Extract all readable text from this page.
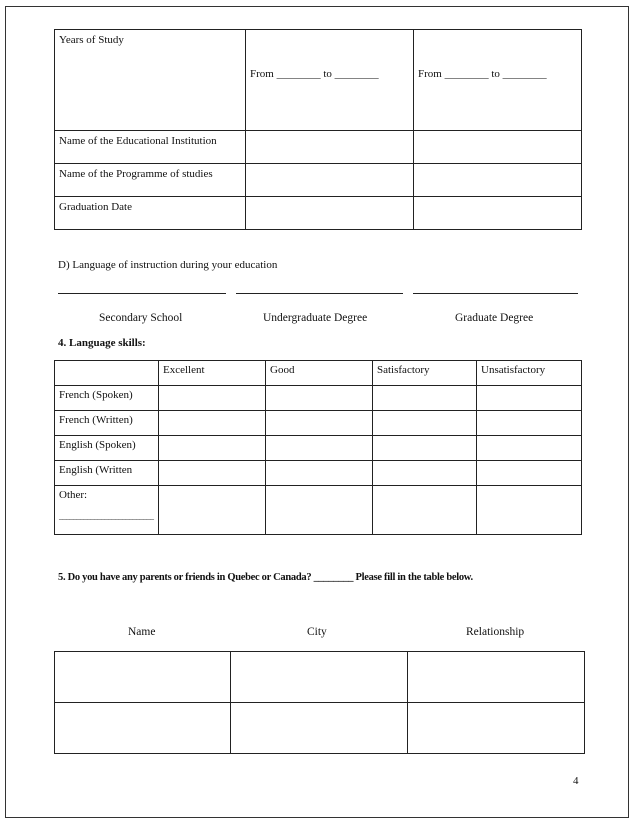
Years of Study	From ________ to ________	From ________ to ________
Name of the Educational Institution		
Name of the Programme of studies		
Graduation Date		
D) Language of instruction during your education
Secondary School	Undergraduate Degree	Graduate Degree
4. Language skills:
	Excellent	Good	Satisfactory	Unsatisfactory
French (Spoken)				
French (Written)				
English (Spoken)				
English (Written				

Other:
___________________________				

5. Do you have any parents or friends in Quebec or Canada? ________ Please fill in the table below.
Name	City	Relationship

4
